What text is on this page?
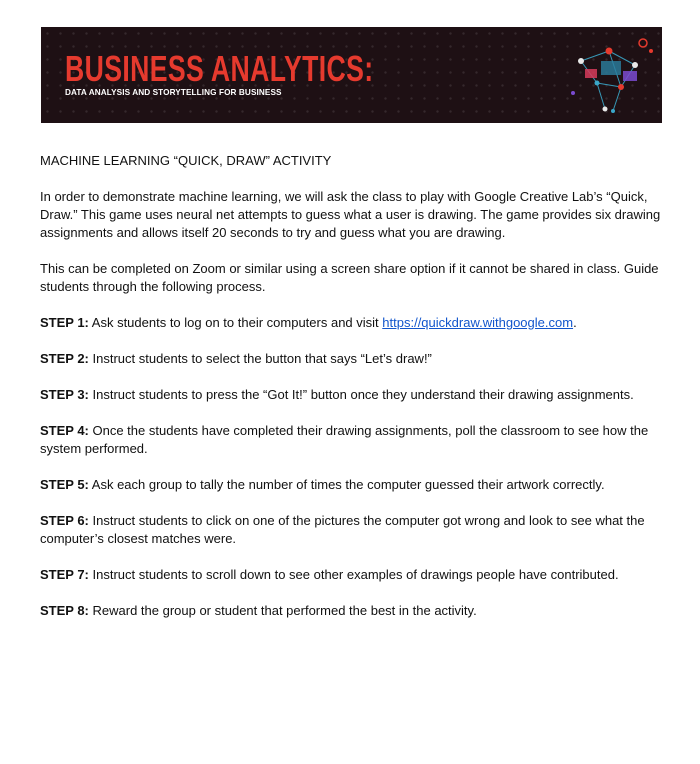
BUSINESS ANALYTICS:
DATA ANALYSIS AND STORYTELLING FOR BUSINESS

MACHINE LEARNING “QUICK, DRAW” ACTIVITY

In order to demonstrate machine learning, we will ask the class to play with Google Creative Lab’s “Quick, Draw.” This game uses neural net attempts to guess what a user is drawing. The game provides six drawing assignments and allows itself 20 seconds to try and guess what you are drawing.

This can be completed on Zoom or similar using a screen share option if it cannot be shared in class. Guide students through the following process.

STEP 1: Ask students to log on to their computers and visit https://quickdraw.withgoogle.com.

STEP 2: Instruct students to select the button that says “Let’s draw!”

STEP 3: Instruct students to press the “Got It!” button once they understand their drawing assignments.

STEP 4: Once the students have completed their drawing assignments, poll the classroom to see how the system performed.

STEP 5: Ask each group to tally the number of times the computer guessed their artwork correctly.

STEP 6: Instruct students to click on one of the pictures the computer got wrong and look to see what the computer’s closest matches were.

STEP 7: Instruct students to scroll down to see other examples of drawings people have contributed.

STEP 8: Reward the group or student that performed the best in the activity.
